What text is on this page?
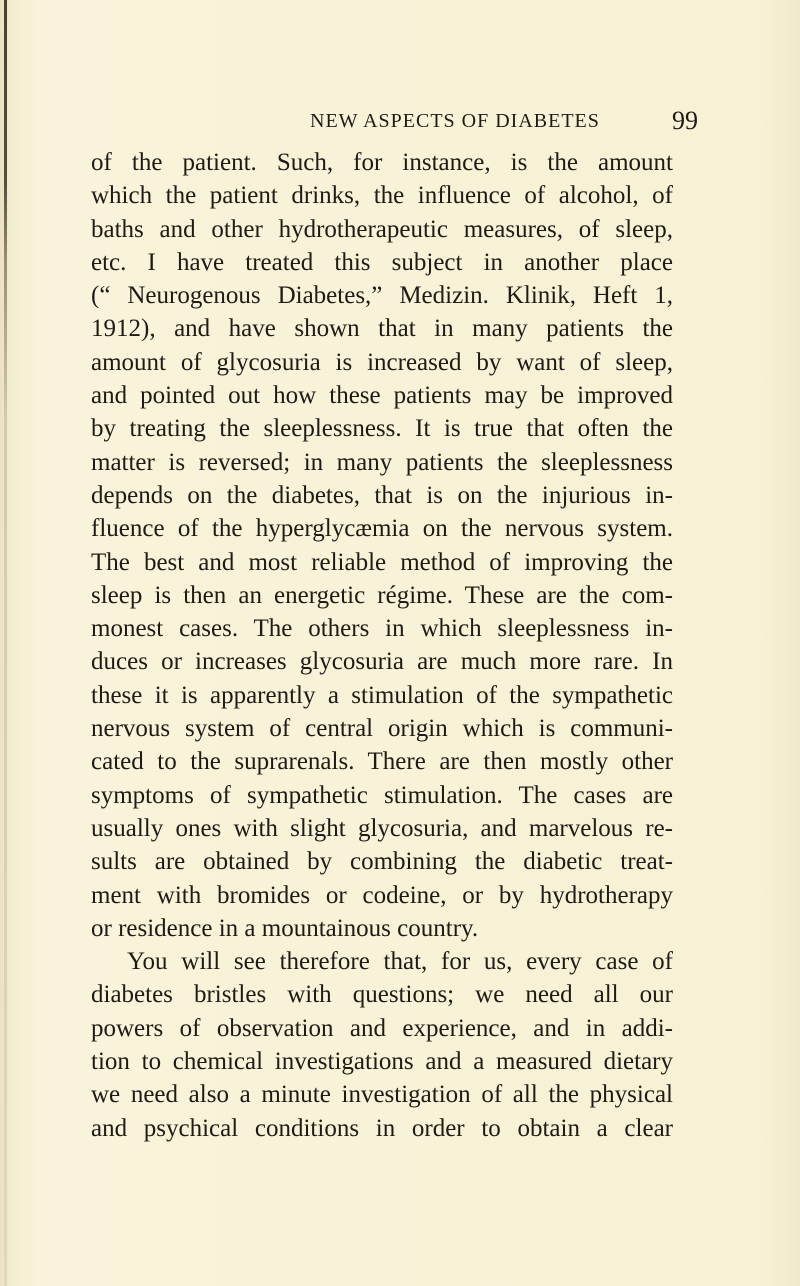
NEW ASPECTS OF DIABETES	99
of the patient. Such, for instance, is the amount
which the patient drinks, the influence of alcohol, of
baths and other hydrotherapeutic measures, of sleep,
etc. I have treated this subject in another place
(“ Neurogenous Diabetes,” Medizin. Klinik, Heft 1,
1912), and have shown that in many patients the
amount of glycosuria is increased by want of sleep,
and pointed out how these patients may be improved
by treating the sleeplessness. It is true that often the
matter is reversed; in many patients the sleeplessness
depends on the diabetes, that is on the injurious in-
fluence of the hyperglycæmia on the nervous system.
The best and most reliable method of improving the
sleep is then an energetic régime. These are the com-
monest cases. The others in which sleeplessness in-
duces or increases glycosuria are much more rare. In
these it is apparently a stimulation of the sympathetic
nervous system of central origin which is communi-
cated to the suprarenals. There are then mostly other
symptoms of sympathetic stimulation. The cases are
usually ones with slight glycosuria, and marvelous re-
sults are obtained by combining the diabetic treat-
ment with bromides or codeine, or by hydrotherapy
or residence in a mountainous country.
You will see therefore that, for us, every case of
diabetes bristles with questions; we need all our
powers of observation and experience, and in addi-
tion to chemical investigations and a measured dietary
we need also a minute investigation of all the physical
and psychical conditions in order to obtain a clear
